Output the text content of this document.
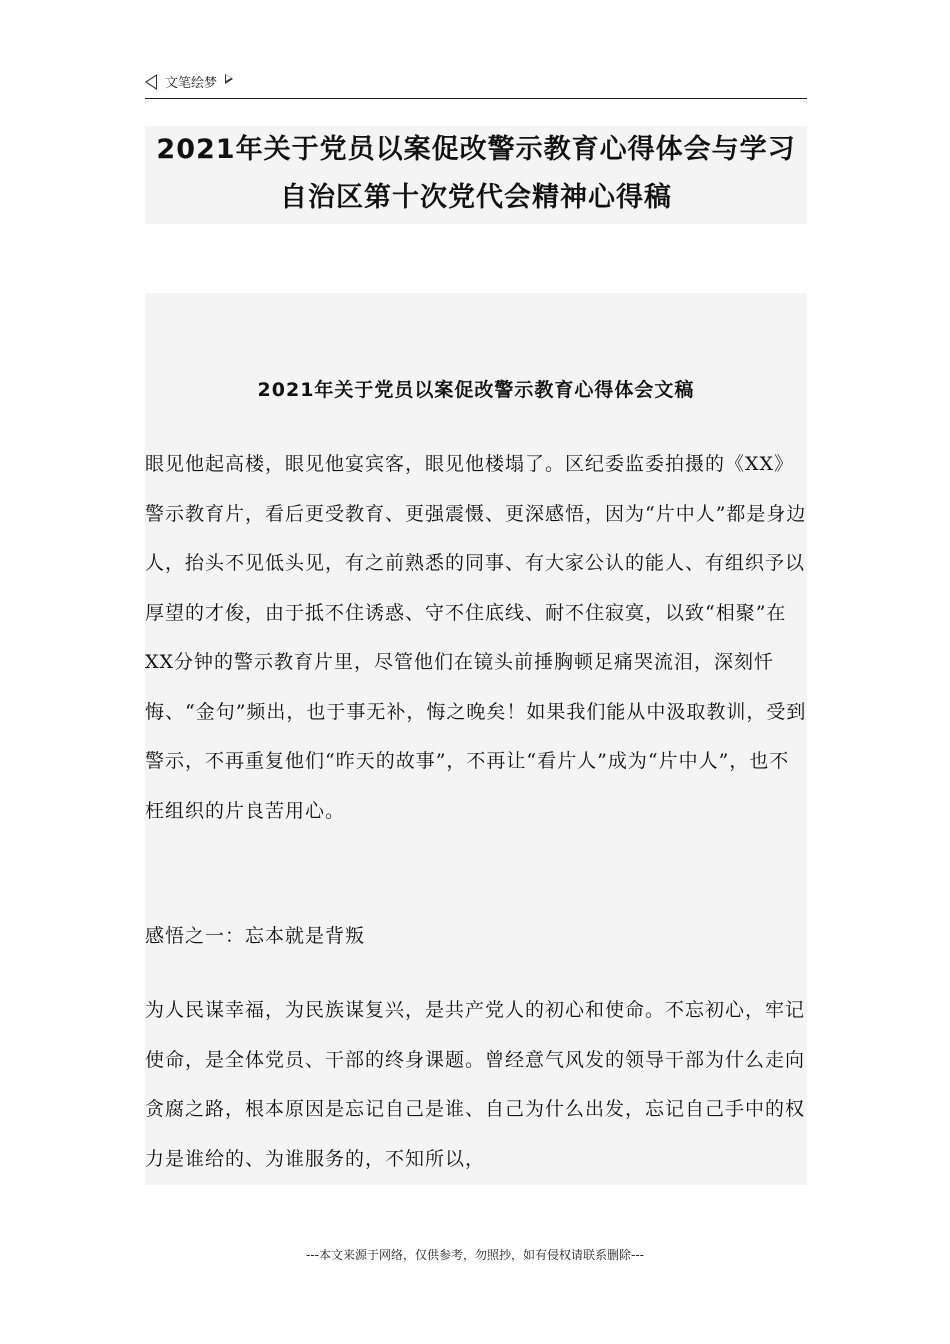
文笔绘梦
2021年关于党员以案促改警示教育心得体会与学习
自治区第十次党代会精神心得稿
2021年关于党员以案促改警示教育心得体会文稿

眼见他起高楼，眼见他宴宾客，眼见他楼塌了。区纪委监委拍摄的《XX》警示教育片，看后更受教育、更强震慑、更深感悟，因为“片中人”都是身边人，抬头不见低头见，有之前熟悉的同事、有大家公认的能人、有组织予以厚望的才俊，由于抵不住诱惑、守不住底线、耐不住寂寞，以致“相聚”在XX分钟的警示教育片里，尽管他们在镜头前捶胸顿足痛哭流泪，深刻忏悔、“金句”频出，也于事无补，悔之晚矣！如果我们能从中汲取教训，受到警示，不再重复他们“昨天的故事”，不再让“看片人”成为“片中人”，也不枉组织的片良苦用心。

感悟之一：忘本就是背叛

为人民谋幸福，为民族谋复兴，是共产党人的初心和使命。不忘初心，牢记使命，是全体党员、干部的终身课题。曾经意气风发的领导干部为什么走向贪腐之路，根本原因是忘记自己是谁、自己为什么出发，忘记自己手中的权力是谁给的、为谁服务的，不知所以，

---本文来源于网络，仅供参考，勿照抄，如有侵权请联系删除---
